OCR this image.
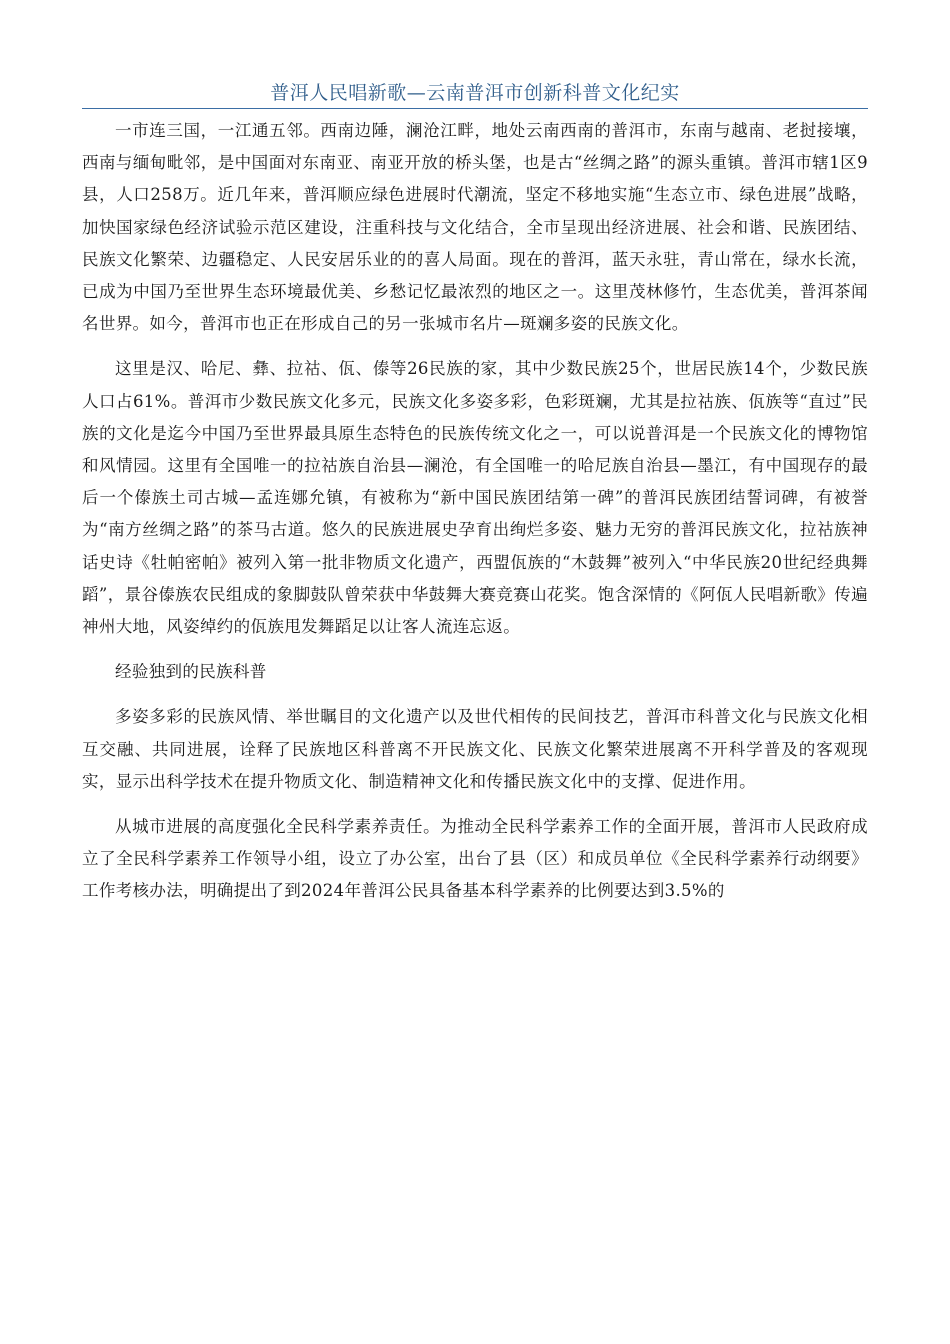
普洱人民唱新歌—云南普洱市创新科普文化纪实

一市连三国，一江通五邻。西南边陲，澜沧江畔，地处云南西南的普洱市，东南与越南、老挝接壤，西南与缅甸毗邻，是中国面对东南亚、南亚开放的桥头堡，也是古“丝绸之路”的源头重镇。普洱市辖1区9县，人口258万。近几年来，普洱顺应绿色进展时代潮流，坚定不移地实施“生态立市、绿色进展”战略，加快国家绿色经济试验示范区建设，注重科技与文化结合，全市呈现出经济进展、社会和谐、民族团结、民族文化繁荣、边疆稳定、人民安居乐业的的喜人局面。现在的普洱，蓝天永驻，青山常在，绿水长流，已成为中国乃至世界生态环境最优美、乡愁记忆最浓烈的地区之一。这里茂林修竹，生态优美，普洱茶闻名世界。如今，普洱市也正在形成自己的另一张城市名片—斑斓多姿的民族文化。

这里是汉、哈尼、彝、拉祜、佤、傣等26民族的家，其中少数民族25个，世居民族14个，少数民族人口占61%。普洱市少数民族文化多元，民族文化多姿多彩，色彩斑斓，尤其是拉祜族、佤族等“直过”民族的文化是迄今中国乃至世界最具原生态特色的民族传统文化之一，可以说普洱是一个民族文化的博物馆和风情园。这里有全国唯一的拉祜族自治县—澜沧，有全国唯一的哈尼族自治县—墨江，有中国现存的最后一个傣族土司古城—孟连娜允镇，有被称为“新中国民族团结第一碑”的普洱民族团结誓词碑，有被誉为“南方丝绸之路”的茶马古道。悠久的民族进展史孕育出绚烂多姿、魅力无穷的普洱民族文化，拉祜族神话史诗《牡帕密帕》被列入第一批非物质文化遗产，西盟佤族的“木鼓舞”被列入“中华民族20世纪经典舞蹈”，景谷傣族农民组成的象脚鼓队曾荣获中华鼓舞大赛竞赛山花奖。饱含深情的《阿佤人民唱新歌》传遍神州大地，风姿绰约的佤族甩发舞蹈足以让客人流连忘返。

经验独到的民族科普

多姿多彩的民族风情、举世瞩目的文化遗产以及世代相传的民间技艺，普洱市科普文化与民族文化相互交融、共同进展，诠释了民族地区科普离不开民族文化、民族文化繁荣进展离不开科学普及的客观现实，显示出科学技术在提升物质文化、制造精神文化和传播民族文化中的支撑、促进作用。

从城市进展的高度强化全民科学素养责任。为推动全民科学素养工作的全面开展，普洱市人民政府成立了全民科学素养工作领导小组，设立了办公室，出台了县（区）和成员单位《全民科学素养行动纲要》工作考核办法，明确提出了到2024年普洱公民具备基本科学素养的比例要达到3.5%的
